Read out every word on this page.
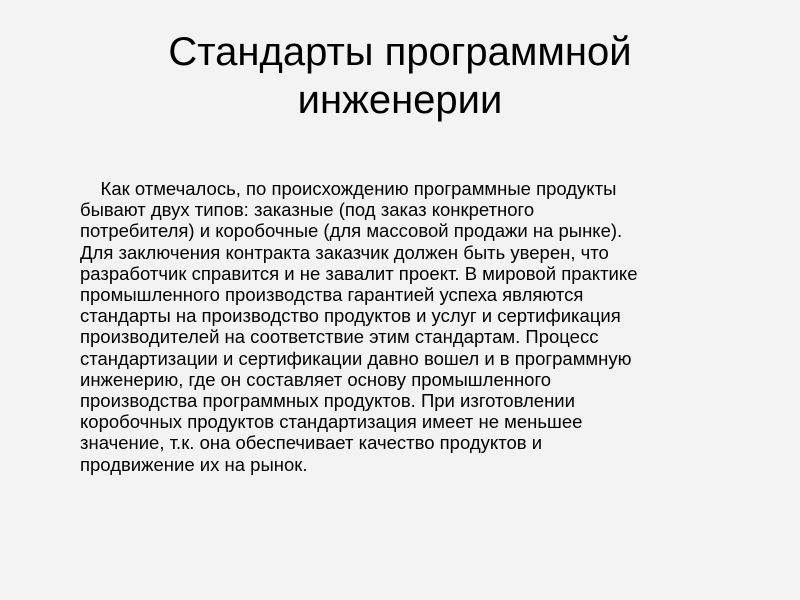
Стандарты программной
инженерии
Как отмечалось, по происхождению программные продукты
бывают двух типов: заказные (под заказ конкретного
потребителя) и коробочные (для массовой продажи на рынке).
Для заключения контракта заказчик должен быть уверен, что
разработчик справится и не завалит проект. В мировой практике
промышленного производства гарантией успеха являются
стандарты на производство продуктов и услуг и сертификация
производителей на соответствие этим стандартам. Процесс
стандартизации и сертификации давно вошел и в программную
инженерию, где он составляет основу промышленного
производства программных продуктов. При изготовлении
коробочных продуктов стандартизация имеет не меньшее
значение, т.к. она обеспечивает качество продуктов и
продвижение их на рынок.
